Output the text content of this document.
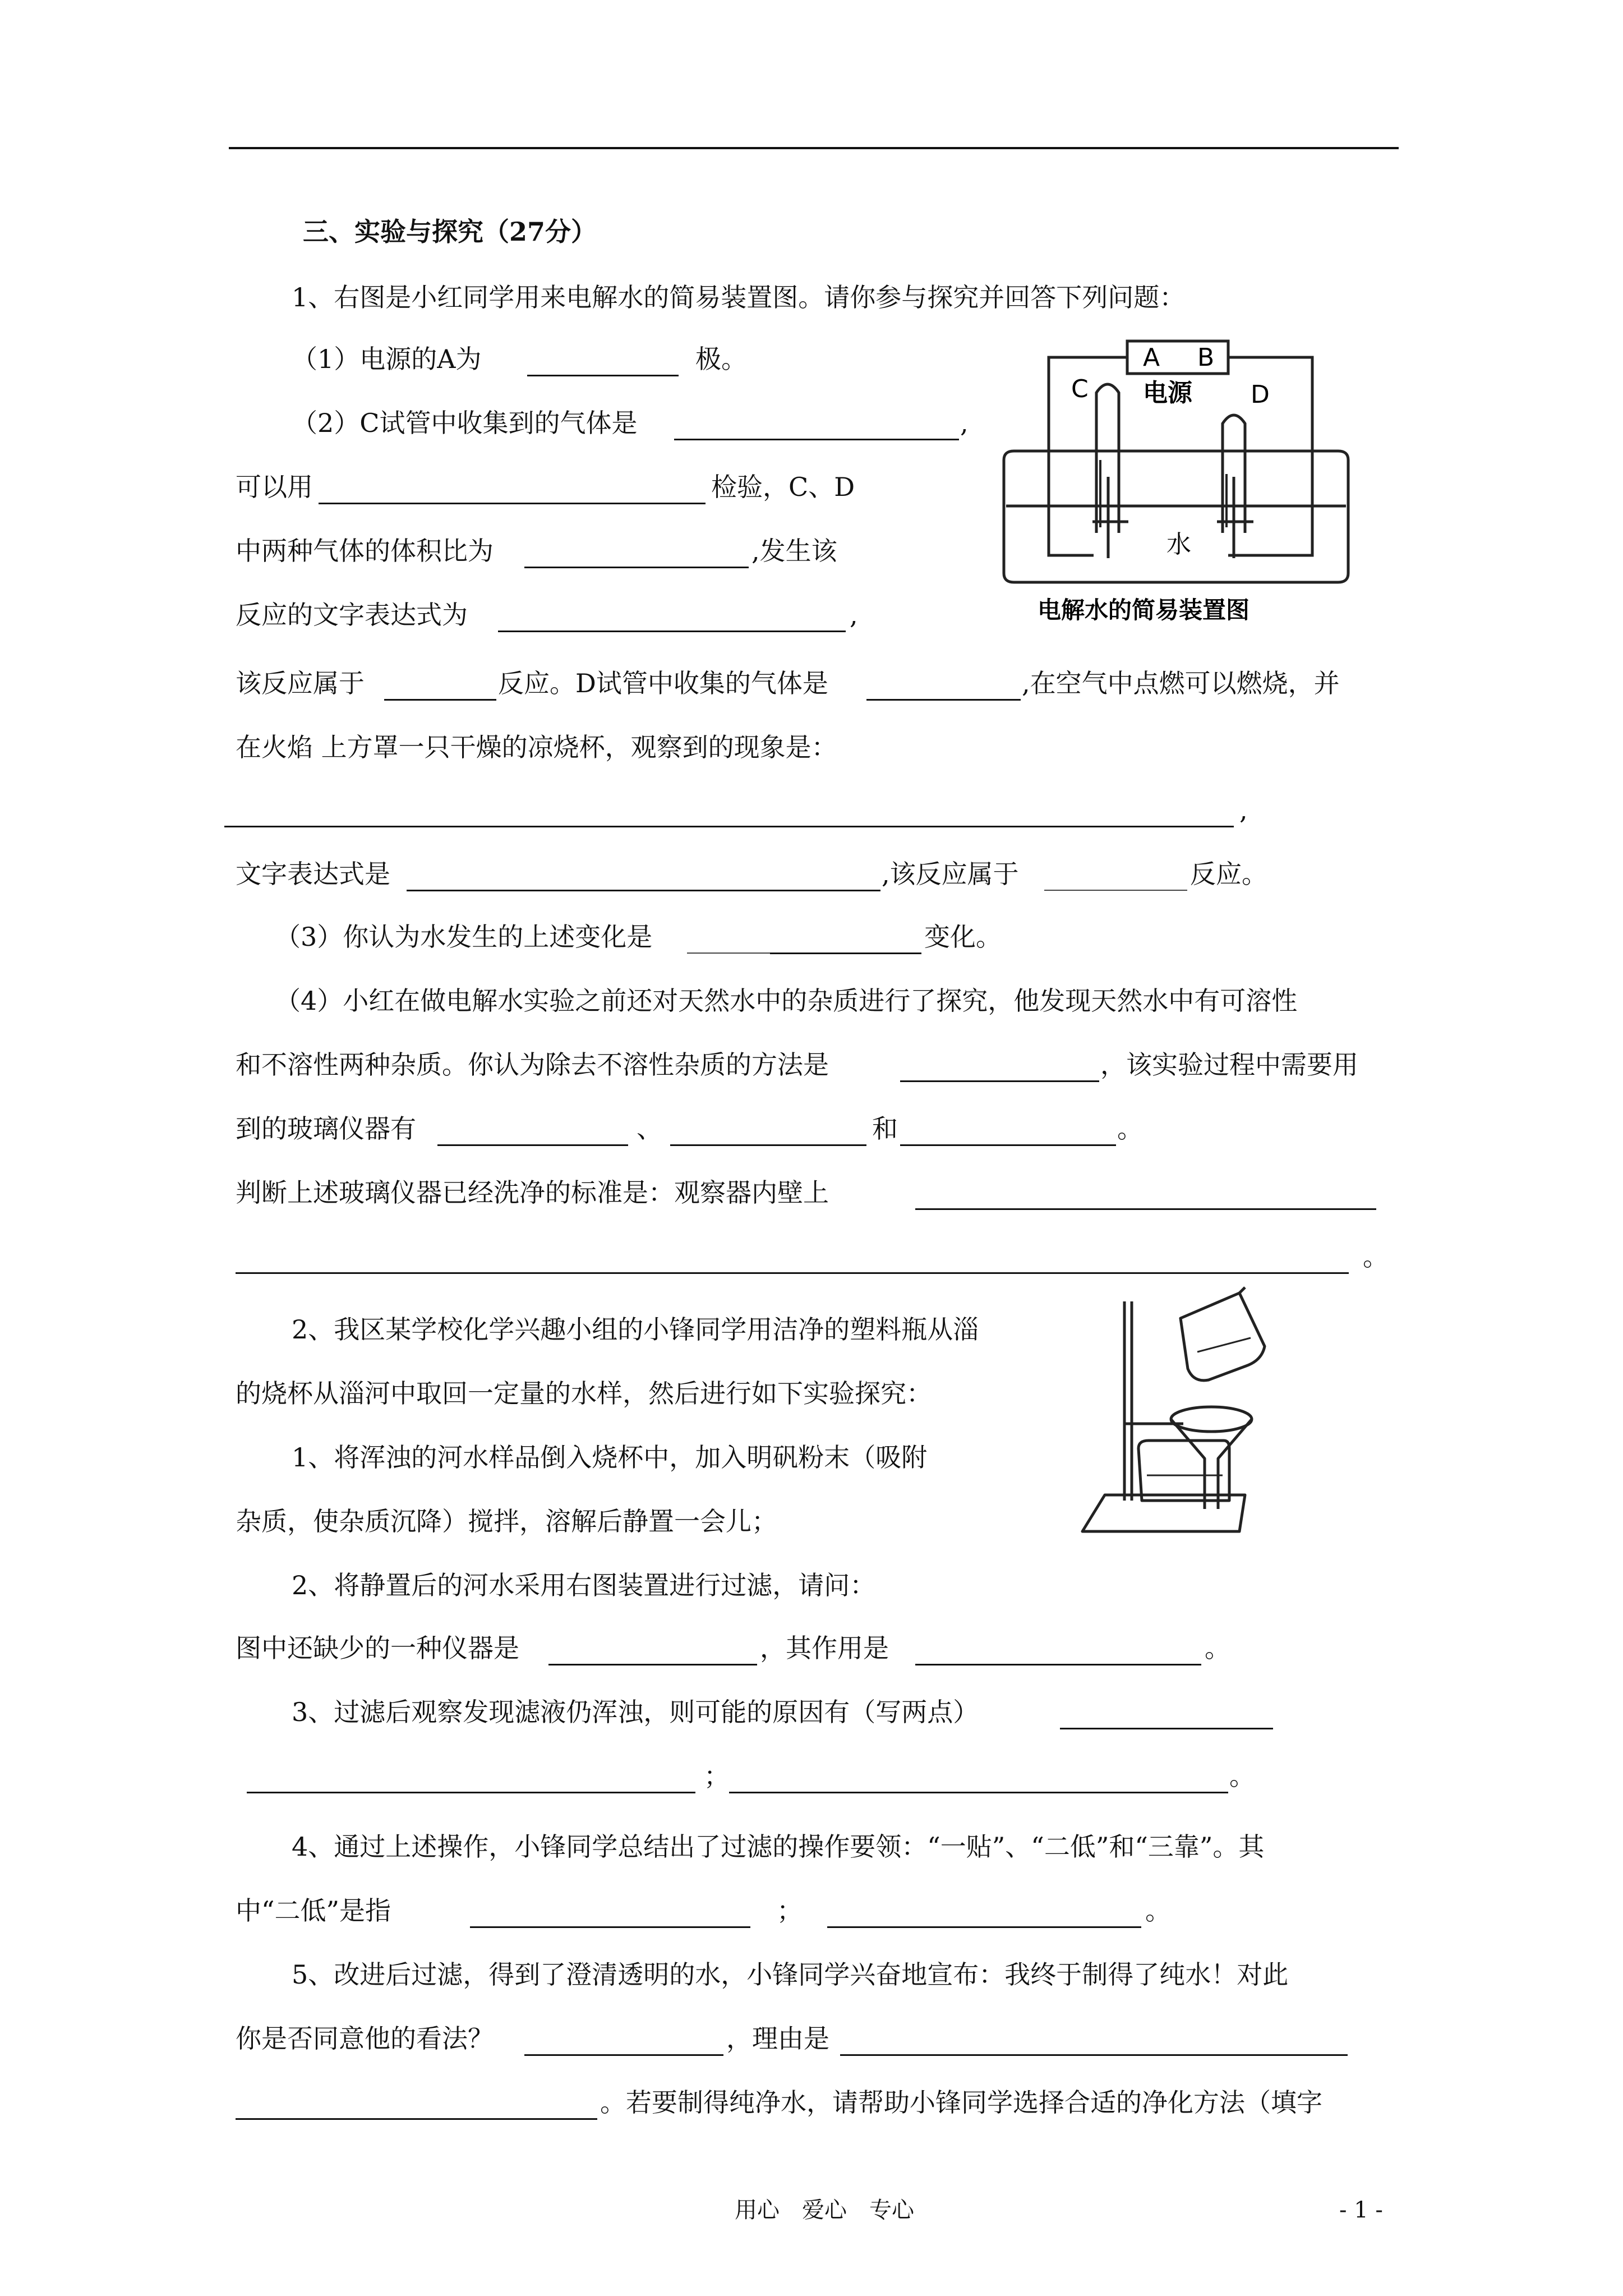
三、实验与探究（27分）
1、右图是小红同学用来电解水的简易装置图。请你参与探究并回答下列问题：
（1）电源的A为	极。
（2）C试管中收集到的气体是	,
可以用	检验，C、D
中两种气体的体积比为	,发生该
反应的文字表达式为	,
该反应属于	反应。D试管中收集的气体是	,在空气中点燃可以燃烧，并
在火焰 上方罩一只干燥的凉烧杯，观察到的现象是：
,
文字表达式是	,该反应属于	反应。
（3）你认为水发生的上述变化是	变化。
（4）小红在做电解水实验之前还对天然水中的杂质进行了探究，他发现天然水中有可溶性
和不溶性两种杂质。你认为除去不溶性杂质的方法是	，该实验过程中需要用
到的玻璃仪器有	、	和	。
判断上述玻璃仪器已经洗净的标准是：观察器内壁上
。
A B
C	D
电源
水
电解水的简易装置图
2、我区某学校化学兴趣小组的小锋同学用洁净的塑料瓶从淄
的烧杯从淄河中取回一定量的水样，然后进行如下实验探究：
1、将浑浊的河水样品倒入烧杯中，加入明矾粉末（吸附
杂质，使杂质沉降）搅拌，溶解后静置一会儿；
2、将静置后的河水采用右图装置进行过滤，请问：
图中还缺少的一种仪器是	，其作用是	。
3、过滤后观察发现滤液仍浑浊，则可能的原因有（写两点）
；	。
4、通过上述操作，小锋同学总结出了过滤的操作要领：“一贴”、“二低”和“三靠”。其
中“二低”是指	；	。
5、改进后过滤，得到了澄清透明的水，小锋同学兴奋地宣布：我终于制得了纯水！对此
你是否同意他的看法？	，理由是
。若要制得纯净水，请帮助小锋同学选择合适的净化方法（填字
用心　爱心　专心	- 1 -
